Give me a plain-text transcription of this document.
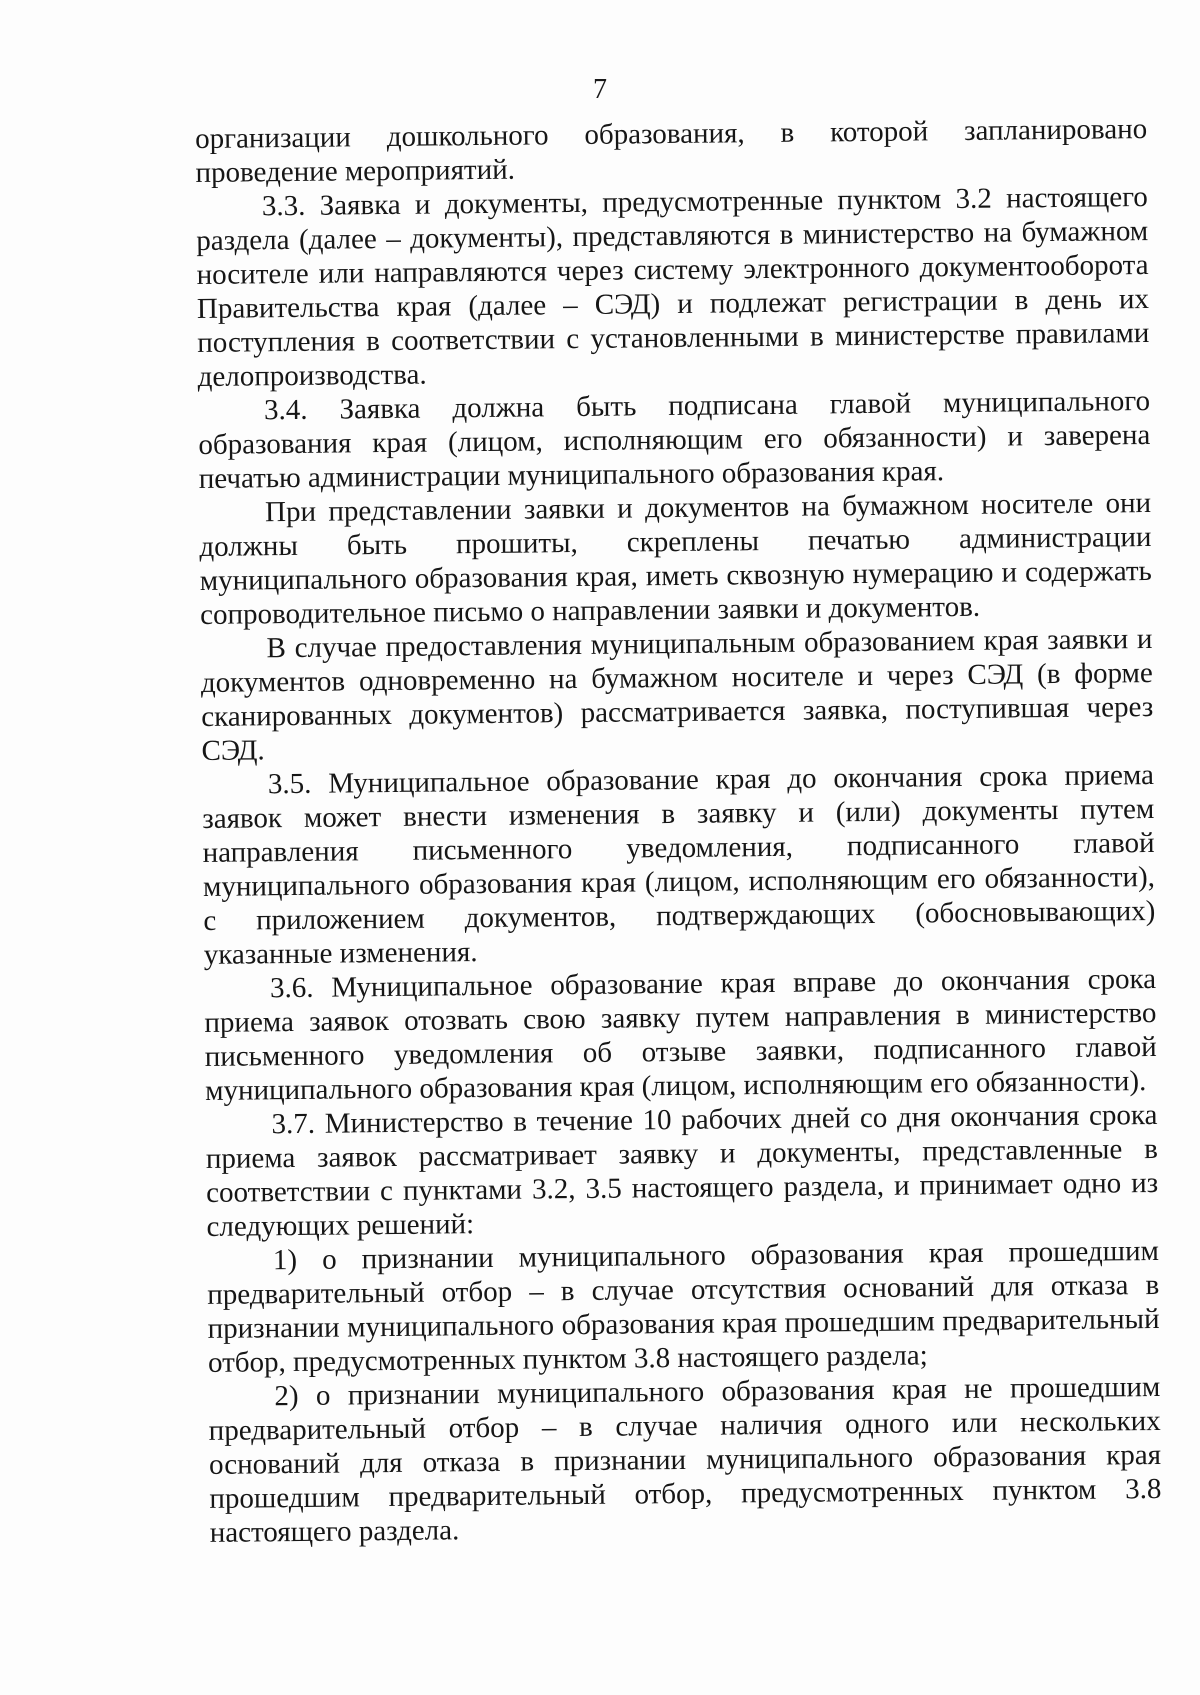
7

организации дошкольного образования, в которой запланировано проведение мероприятий.

3.3. Заявка и документы, предусмотренные пунктом 3.2 настоящего раздела (далее – документы), представляются в министерство на бумажном носителе или направляются через систему электронного документооборота Правительства края (далее – СЭД) и подлежат регистрации в день их поступления в соответствии с установленными в министерстве правилами делопроизводства.

3.4. Заявка должна быть подписана главой муниципального образования края (лицом, исполняющим его обязанности) и заверена печатью администрации муниципального образования края.

При представлении заявки и документов на бумажном носителе они должны быть прошиты, скреплены печатью администрации муниципального образования края, иметь сквозную нумерацию и содержать сопроводительное письмо о направлении заявки и документов.

В случае предоставления муниципальным образованием края заявки и документов одновременно на бумажном носителе и через СЭД (в форме сканированных документов) рассматривается заявка, поступившая через СЭД.

3.5. Муниципальное образование края до окончания срока приема заявок может внести изменения в заявку и (или) документы путем направления письменного уведомления, подписанного главой муниципального образования края (лицом, исполняющим его обязанности), с приложением документов, подтверждающих (обосновывающих) указанные изменения.

3.6. Муниципальное образование края вправе до окончания срока приема заявок отозвать свою заявку путем направления в министерство письменного уведомления об отзыве заявки, подписанного главой муниципального образования края (лицом, исполняющим его обязанности).

3.7. Министерство в течение 10 рабочих дней со дня окончания срока приема заявок рассматривает заявку и документы, представленные в соответствии с пунктами 3.2, 3.5 настоящего раздела, и принимает одно из следующих решений:

1) о признании муниципального образования края прошедшим предварительный отбор – в случае отсутствия оснований для отказа в признании муниципального образования края прошедшим предварительный отбор, предусмотренных пунктом 3.8 настоящего раздела;

2) о признании муниципального образования края не прошедшим предварительный отбор – в случае наличия одного или нескольких оснований для отказа в признании муниципального образования края прошедшим предварительный отбор, предусмотренных пунктом 3.8 настоящего раздела.
